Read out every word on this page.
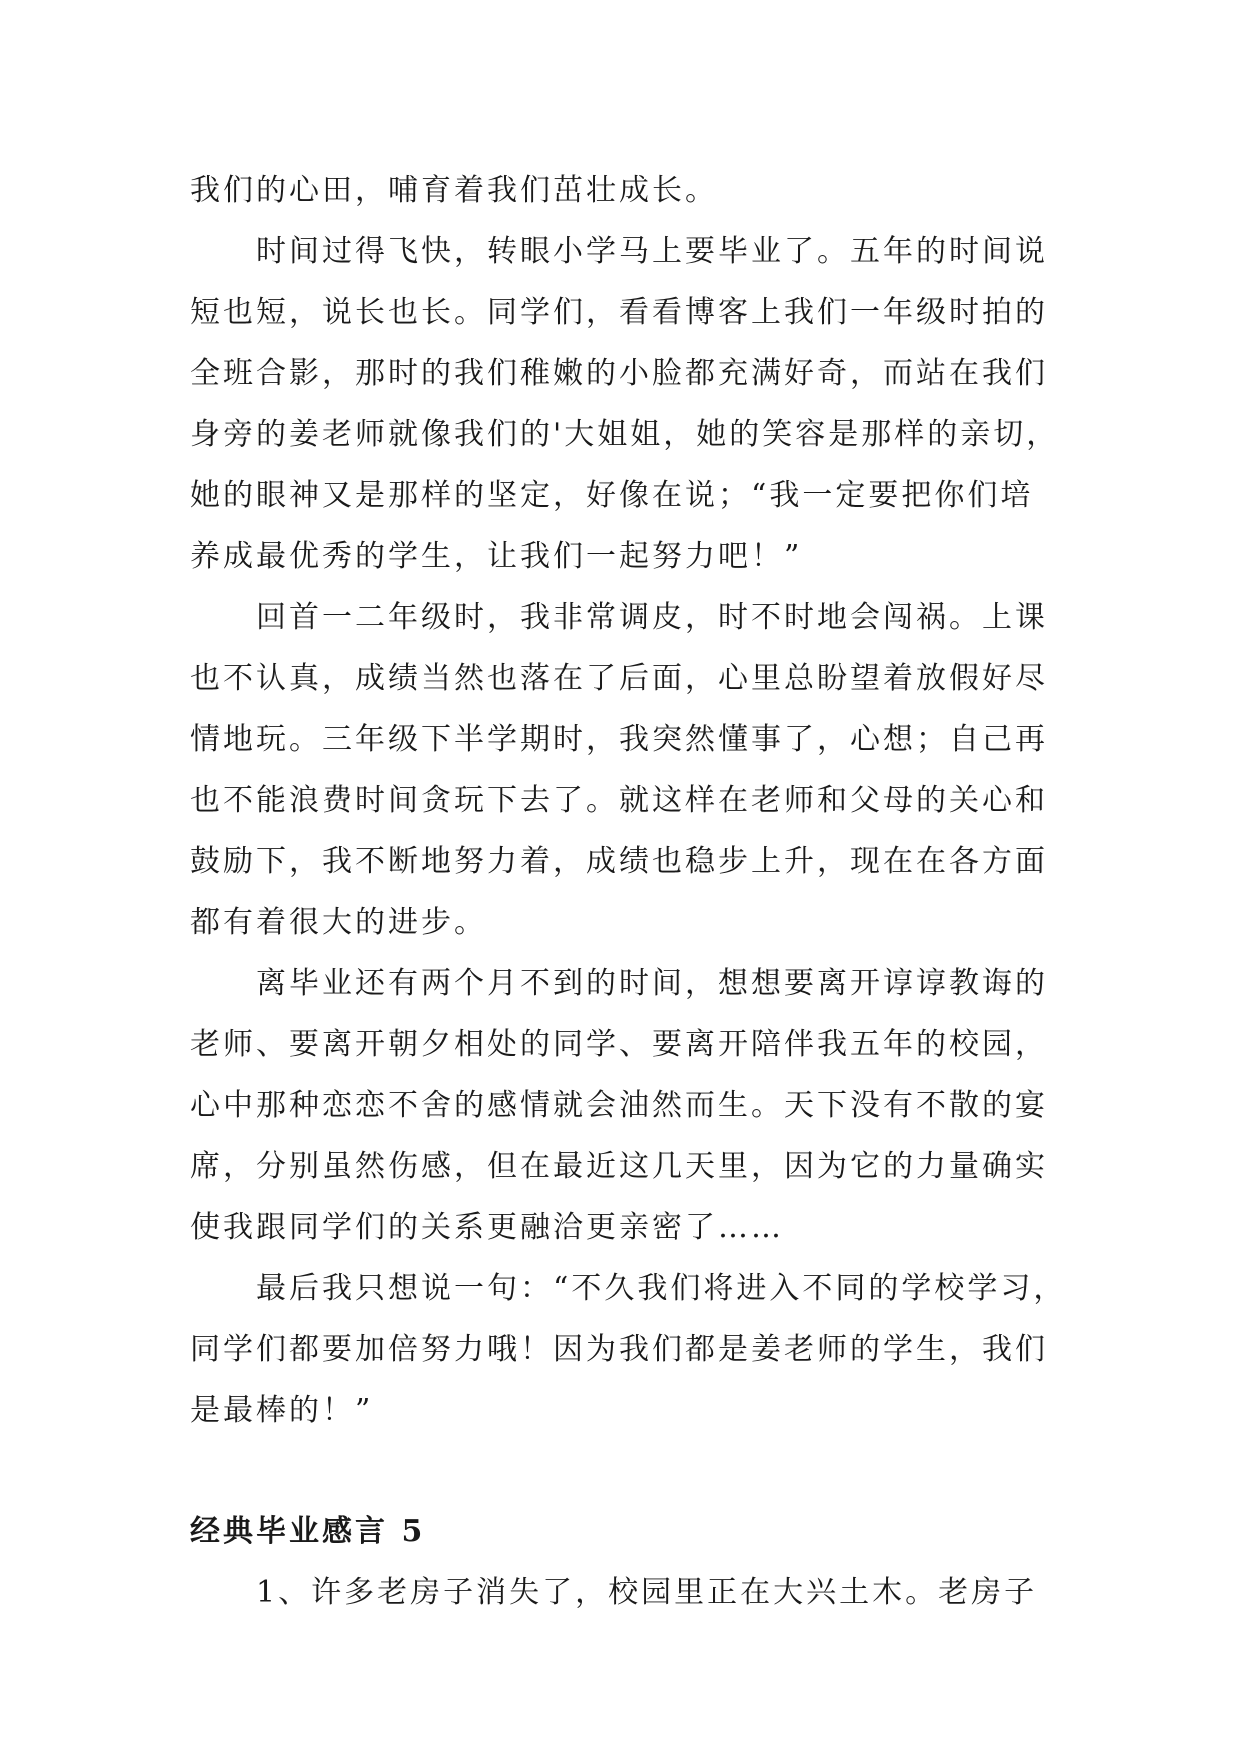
我们的心田，哺育着我们茁壮成长。
时间过得飞快，转眼小学马上要毕业了。五年的时间说
短也短，说长也长。同学们，看看博客上我们一年级时拍的
全班合影，那时的我们稚嫩的小脸都充满好奇，而站在我们
身旁的姜老师就像我们的'大姐姐，她的笑容是那样的亲切，
她的眼神又是那样的坚定，好像在说；“我一定要把你们培
养成最优秀的学生，让我们一起努力吧！”
回首一二年级时，我非常调皮，时不时地会闯祸。上课
也不认真，成绩当然也落在了后面，心里总盼望着放假好尽
情地玩。三年级下半学期时，我突然懂事了，心想；自己再
也不能浪费时间贪玩下去了。就这样在老师和父母的关心和
鼓励下，我不断地努力着，成绩也稳步上升，现在在各方面
都有着很大的进步。
离毕业还有两个月不到的时间，想想要离开谆谆教诲的
老师、要离开朝夕相处的同学、要离开陪伴我五年的校园，
心中那种恋恋不舍的感情就会油然而生。天下没有不散的宴
席，分别虽然伤感，但在最近这几天里，因为它的力量确实
使我跟同学们的关系更融洽更亲密了……
最后我只想说一句：“不久我们将进入不同的学校学习，
同学们都要加倍努力哦！因为我们都是姜老师的学生，我们
是最棒的！”
经典毕业感言 5
1、许多老房子消失了，校园里正在大兴土木。老房子
